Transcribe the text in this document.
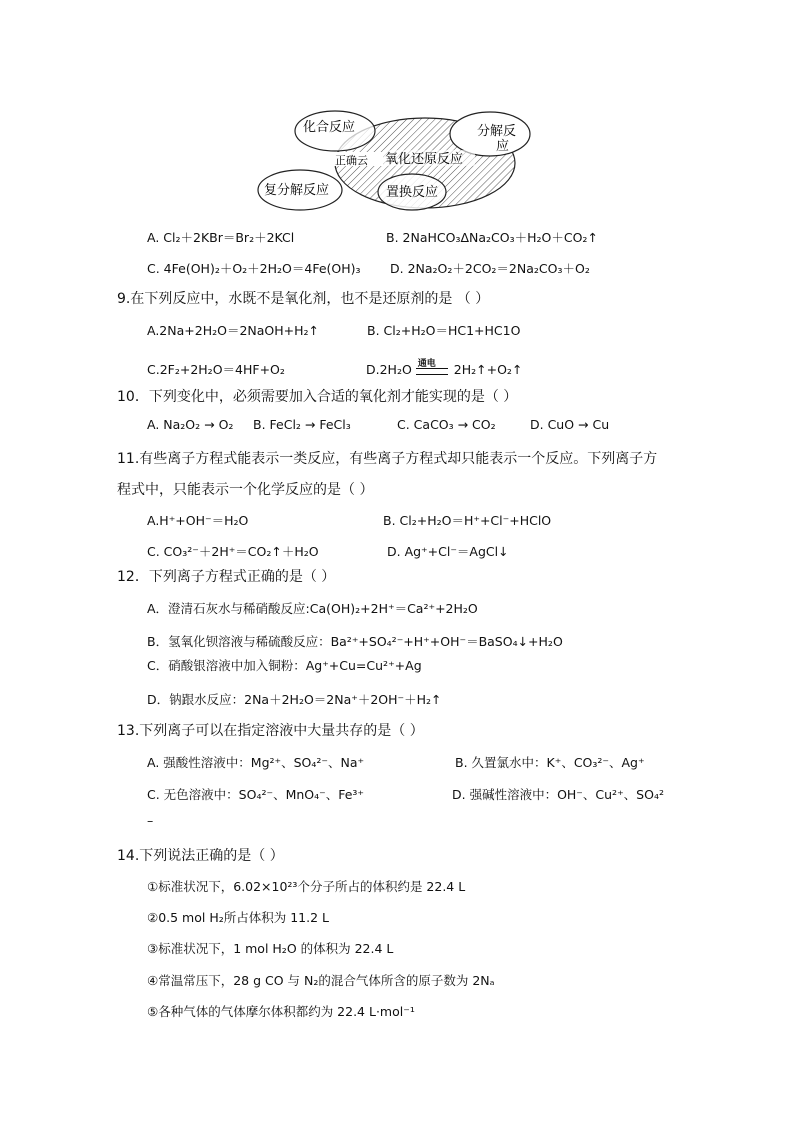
化合反应	分解反
应
正确云 氧化还原反应
复分解反应	置换反应
A. Cl₂＋2KBr＝Br₂＋2KCl	B. 2NaHCO₃ΔNa₂CO₃＋H₂O＋CO₂↑
C. 4Fe(OH)₂＋O₂＋2H₂O＝4Fe(OH)₃ D. 2Na₂O₂＋2CO₂＝2Na₂CO₃＋O₂
9.在下列反应中，水既不是氧化剂，也不是还原剂的是 （ ）
A.2Na+2H₂O＝2NaOH+H₂↑	B. Cl₂+H₂O＝HC1+HC1O
C.2F₂+2H₂O＝4HF+O₂	D.2H₂O 通电 2H₂↑+O₂↑
10．下列变化中，必须需要加入合适的氧化剂才能实现的是（ ）
A. Na₂O₂ → O₂ B. FeCl₂ → FeCl₃	C. CaCO₃ → CO₂	D. CuO → Cu
11.有些离子方程式能表示一类反应，有些离子方程式却只能表示一个反应。下列离子方
程式中，只能表示一个化学反应的是（ ）
A.H⁺+OH⁻＝H₂O	B. Cl₂+H₂O＝H⁺+Cl⁻+HClO
C. CO₃²⁻＋2H⁺＝CO₂↑＋H₂O	D. Ag⁺+Cl⁻＝AgCl↓
12．下列离子方程式正确的是（ ）
A．澄清石灰水与稀硝酸反应:Ca(OH)₂+2H⁺＝Ca²⁺+2H₂O
B．氢氧化钡溶液与稀硫酸反应：Ba²⁺+SO₄²⁻+H⁺+OH⁻＝BaSO₄↓+H₂O
C．硝酸银溶液中加入铜粉：Ag⁺+Cu=Cu²⁺+Ag
D．钠跟水反应：2Na＋2H₂O＝2Na⁺＋2OH⁻＋H₂↑
13.下列离子可以在指定溶液中大量共存的是（ ）
A. 强酸性溶液中：Mg²⁺、SO₄²⁻、Na⁺	B. 久置氯水中：K⁺、CO₃²⁻、Ag⁺
C. 无色溶液中：SO₄²⁻、MnO₄⁻、Fe³⁺	D. 强碱性溶液中：OH⁻、Cu²⁺、SO₄²
–
14.下列说法正确的是（ ）
①标准状况下，6.02×10²³个分子所占的体积约是 22.4 L
②0.5 mol H₂所占体积为 11.2 L
③标准状况下，1 mol H₂O 的体积为 22.4 L
④常温常压下，28 g CO 与 N₂的混合气体所含的原子数为 2Nₐ
⑤各种气体的气体摩尔体积都约为 22.4 L·mol⁻¹
